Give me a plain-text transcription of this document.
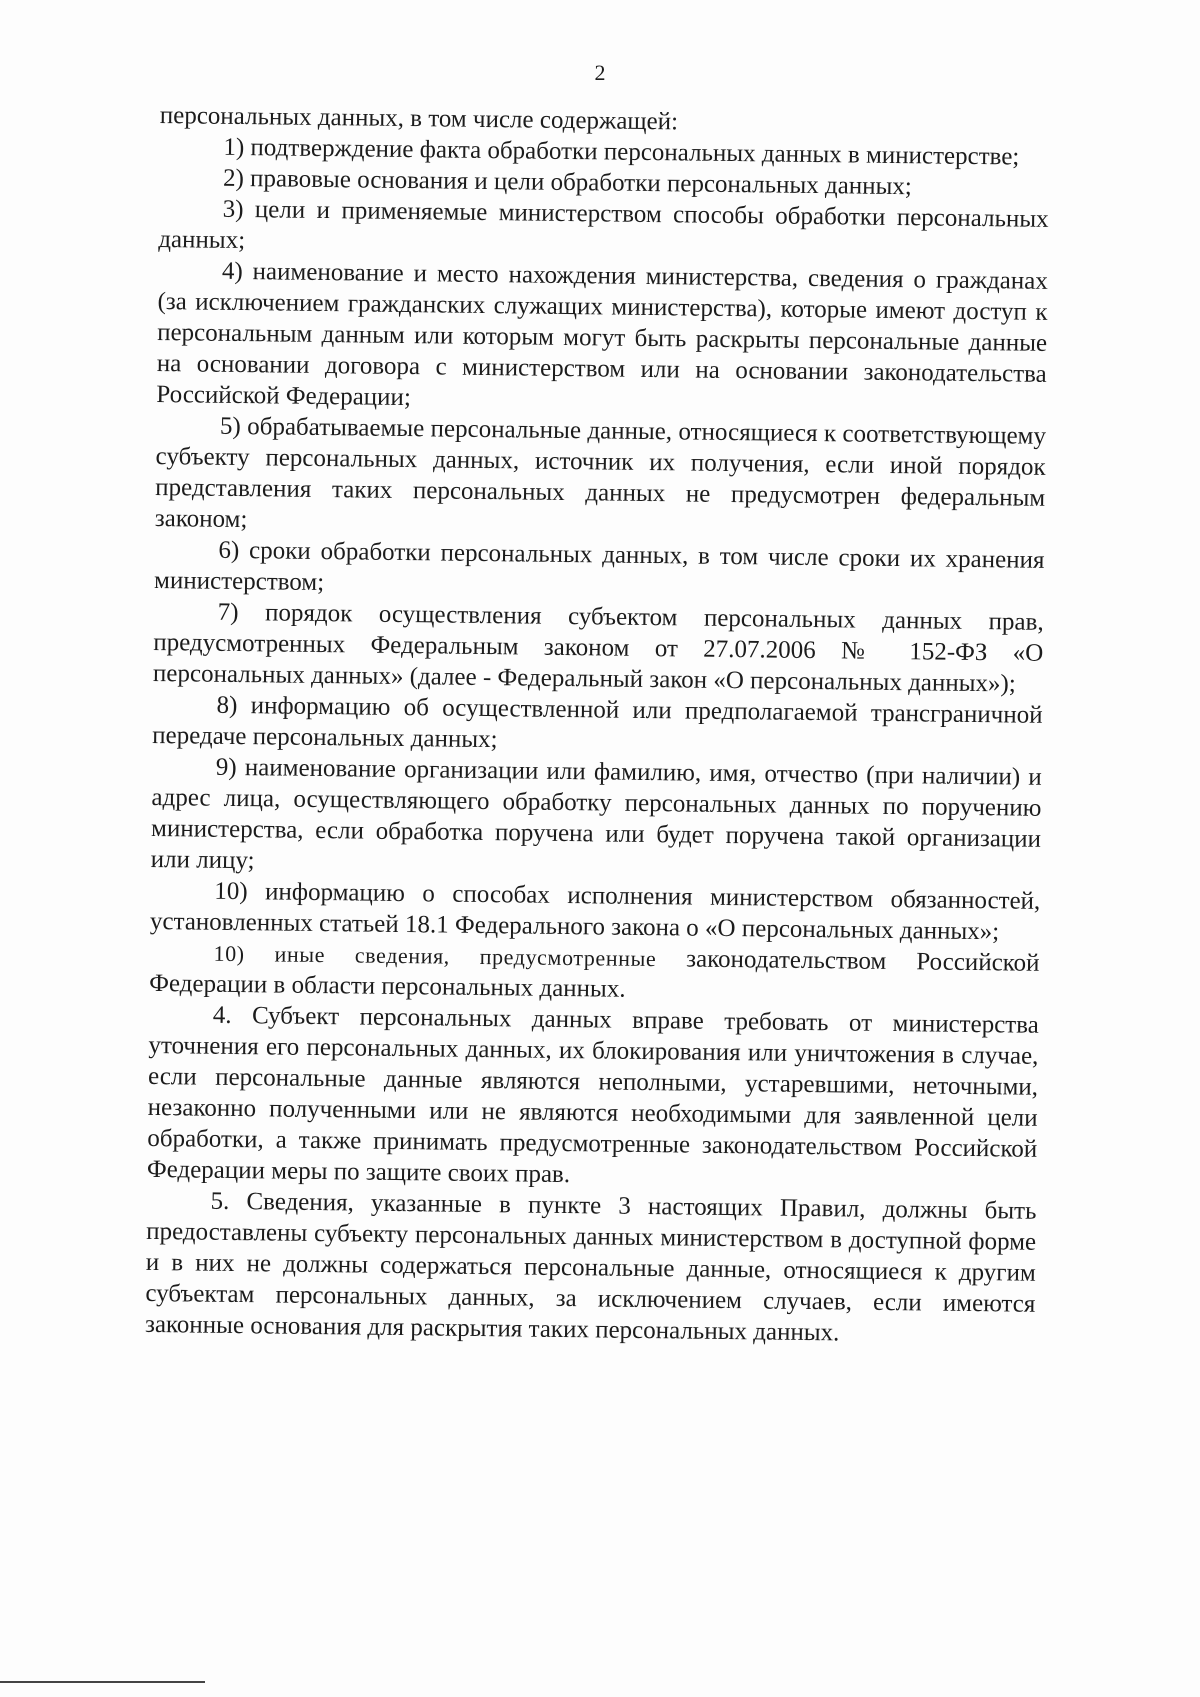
2

персональных данных, в том числе содержащей:

1) подтверждение факта обработки персональных данных в министерстве;

2) правовые основания и цели обработки персональных данных;

3) цели и применяемые министерством способы обработки персональных данных;

4) наименование и место нахождения министерства, сведения о гражданах (за исключением гражданских служащих министерства), которые имеют доступ к персональным данным или которым могут быть раскрыты персональные данные на основании договора с министерством или на основании законодательства Российской Федерации;

5) обрабатываемые персональные данные, относящиеся к соответствующему субъекту персональных данных, источник их получения, если иной порядок представления таких персональных данных не предусмотрен федеральным законом;

6) сроки обработки персональных данных, в том числе сроки их хранения министерством;

7) порядок осуществления субъектом персональных данных прав, предусмотренных Федеральным законом от 27.07.2006 № 152-ФЗ «О персональных данных» (далее - Федеральный закон «О персональных данных»);

8) информацию об осуществленной или предполагаемой трансграничной передаче персональных данных;

9) наименование организации или фамилию, имя, отчество (при наличии) и адрес лица, осуществляющего обработку персональных данных по поручению министерства, если обработка поручена или будет поручена такой организации или лицу;

10) информацию о способах исполнения министерством обязанностей, установленных статьей 18.1 Федерального закона о «О персональных данных»;

10) иные сведения, предусмотренные законодательством Российской Федерации в области персональных данных.

4. Субъект персональных данных вправе требовать от министерства уточнения его персональных данных, их блокирования или уничтожения в случае, если персональные данные являются неполными, устаревшими, неточными, незаконно полученными или не являются необходимыми для заявленной цели обработки, а также принимать предусмотренные законодательством Российской Федерации меры по защите своих прав.

5. Сведения, указанные в пункте 3 настоящих Правил, должны быть предоставлены субъекту персональных данных министерством в доступной форме и в них не должны содержаться персональные данные, относящиеся к другим субъектам персональных данных, за исключением случаев, если имеются законные основания для раскрытия таких персональных данных.
